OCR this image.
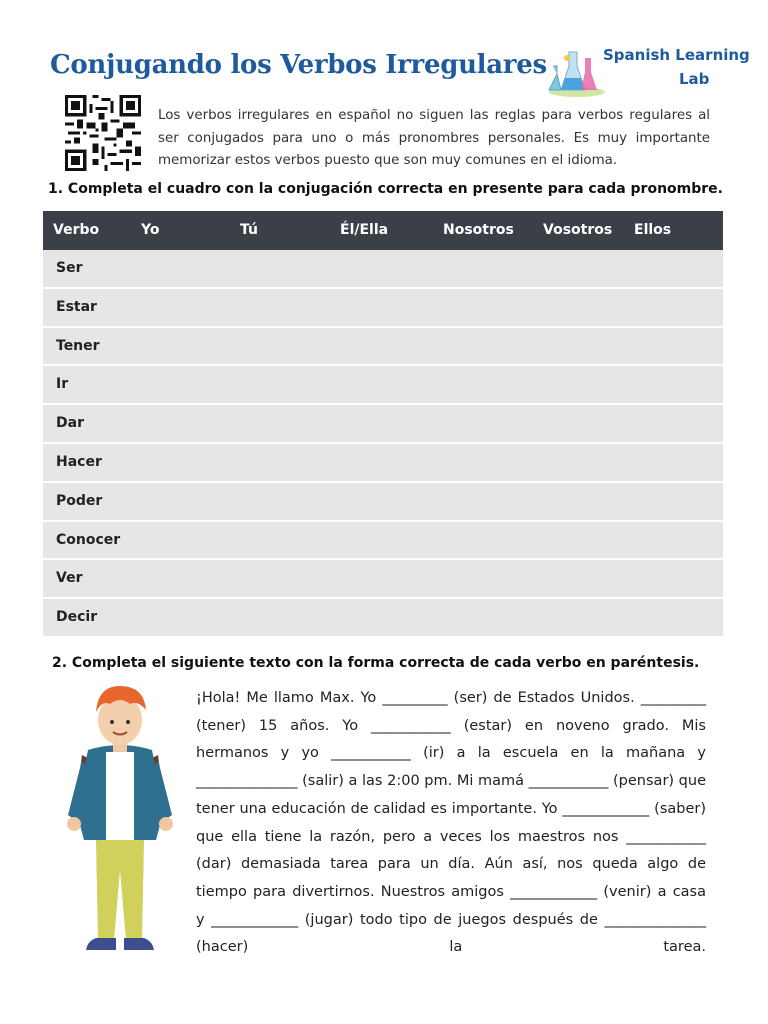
Conjugando los Verbos Irregulares	Spanish Learning
Lab
Los verbos irregulares en español no siguen las reglas para verbos regulares al ser conjugados para uno o más pronombres personales. Es muy importante memorizar estos verbos puesto que son muy comunes en el idioma.
1. Completa el cuadro con la conjugación correcta en presente para cada pronombre.
Verbo	Yo	Tú	Él/Ella	Nosotros Vosotros Ellos
Ser
Estar
Tener
Ir
Dar
Hacer
Poder
Conocer
Ver
Decir
2. Completa el siguiente texto con la forma correcta de cada verbo en paréntesis.
¡Hola! Me llamo Max. Yo _________ (ser) de Estados Unidos. _________ (tener) 15 años. Yo ___________ (estar) en noveno grado. Mis hermanos y yo ___________ (ir) a la escuela en la mañana y ______________ (salir) a las 2:00 pm. Mi mamá ___________ (pensar) que tener una educación de calidad es importante. Yo ____________ (saber) que ella tiene la razón, pero a veces los maestros nos ___________ (dar) demasiada tarea para un día. Aún así, nos queda algo de tiempo para divertirnos. Nuestros amigos ____________ (venir) a casa y ____________ (jugar) todo tipo de juegos después de ______________ (hacer) la tarea.
